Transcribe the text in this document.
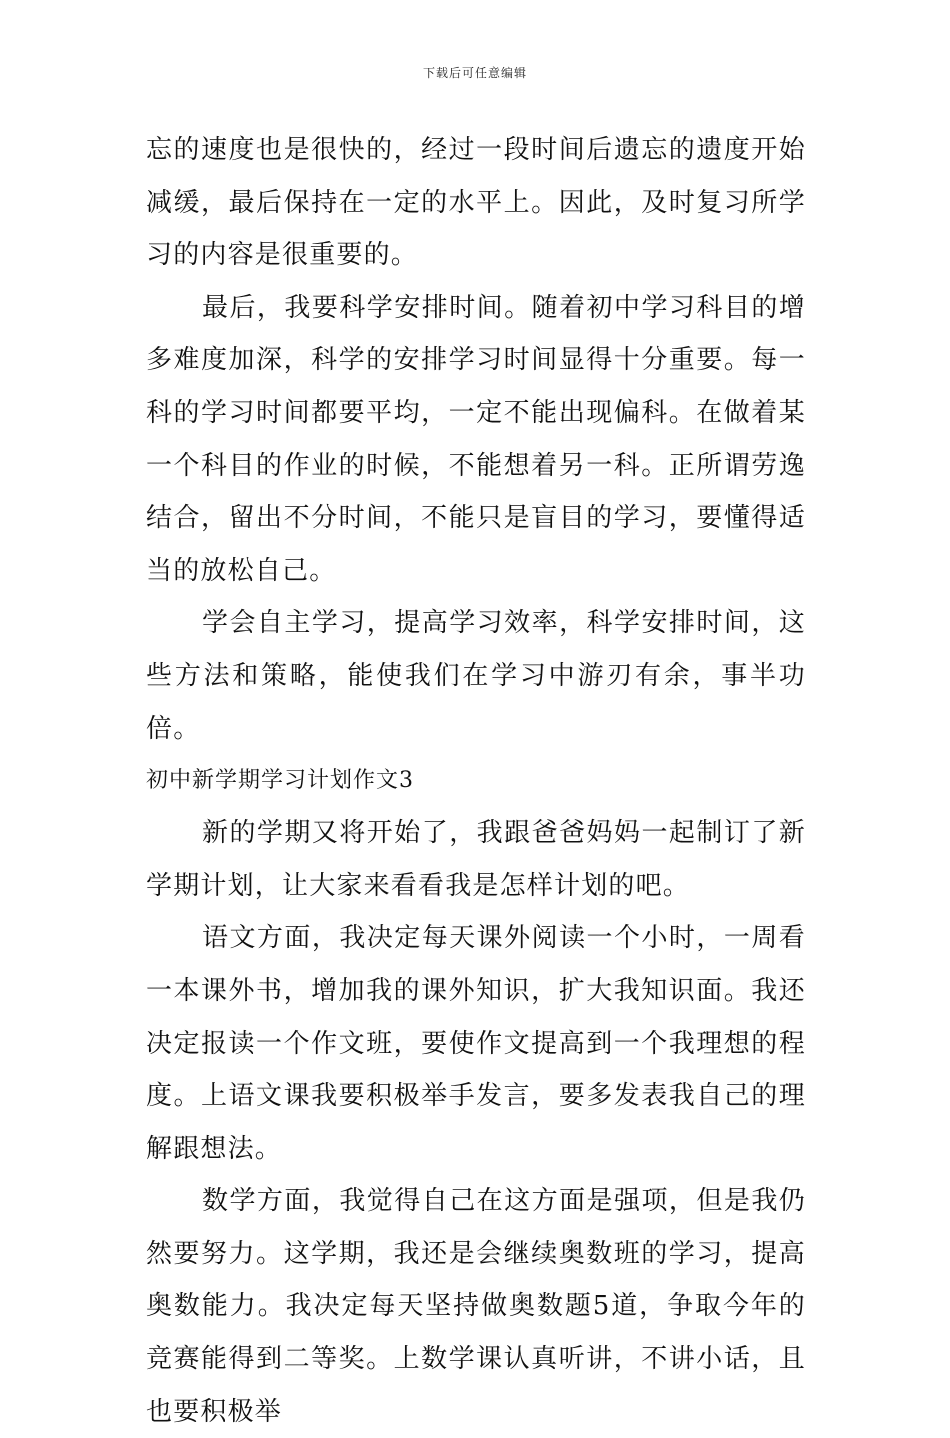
下载后可任意编辑

忘的速度也是很快的，经过一段时间后遗忘的遗度开始减缓，最后保持在一定的水平上。因此，及时复习所学习的内容是很重要的。

最后，我要科学安排时间。随着初中学习科目的增多难度加深，科学的安排学习时间显得十分重要。每一科的学习时间都要平均，一定不能出现偏科。在做着某一个科目的作业的时候，不能想着另一科。正所谓劳逸结合，留出不分时间，不能只是盲目的学习，要懂得适当的放松自己。

学会自主学习，提高学习效率，科学安排时间，这些方法和策略，能使我们在学习中游刃有余，事半功倍。

初中新学期学习计划作文3

新的学期又将开始了，我跟爸爸妈妈一起制订了新学期计划，让大家来看看我是怎样计划的吧。

语文方面，我决定每天课外阅读一个小时，一周看一本课外书，增加我的课外知识，扩大我知识面。我还决定报读一个作文班，要使作文提高到一个我理想的程度。上语文课我要积极举手发言，要多发表我自己的理解跟想法。

数学方面，我觉得自己在这方面是强项，但是我仍然要努力。这学期，我还是会继续奥数班的学习，提高奥数能力。我决定每天坚持做奥数题5道，争取今年的竞赛能得到二等奖。上数学课认真听讲，不讲小话，且也要积极举
